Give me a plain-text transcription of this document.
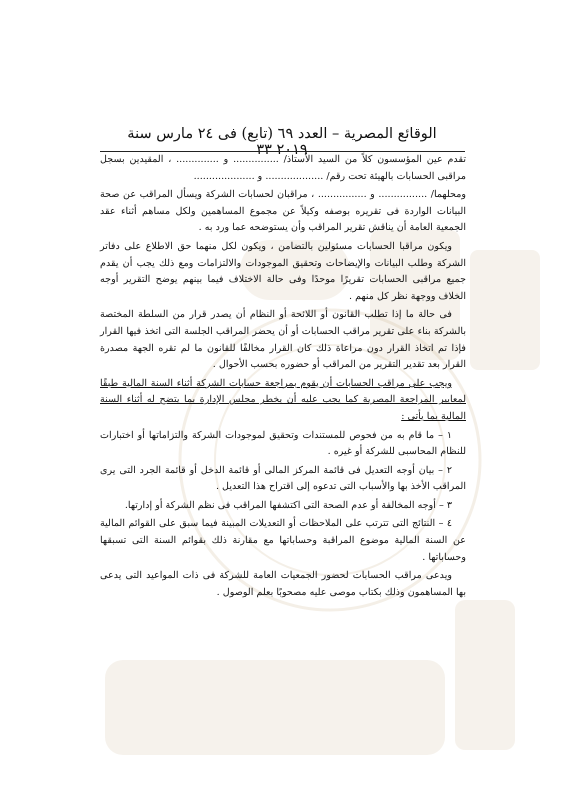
الوقائع المصرية – العدد ٦٩ (تابع) فى ٢٤ مارس سنة ٢٠١٩ ٣٣

تقدم عين المؤسسون كلاً من السيد الأستاذ/ ............... و .............. ، المقيدين بسجل مراقبى الحسابات بالهيئة تحت رقم/ ................... و ....................

ومحلهما/ ................ و ................ ، مراقبان لحسابات الشركة ويسأل المراقب عن صحة البيانات الواردة فى تقريره بوصفه وكيلاً عن مجموع المساهمين ولكل مساهم أثناء عقد الجمعية العامة أن يناقش تقرير المراقب وأن يستوضحه عما ورد به .

ويكون مراقبا الحسابات مسئولين بالتضامن ، ويكون لكل منهما حق الاطلاع على دفاتر الشركة وطلب البيانات والإيضاحات وتحقيق الموجودات والالتزامات ومع ذلك يجب أن يقدم جميع مراقبى الحسابات تقريرًا موحدًا وفى حالة الاختلاف فيما بينهم يوضح التقرير أوجه الخلاف ووجهة نظر كل منهم .

فى حالة ما إذا تطلب القانون أو اللائحة أو النظام أن يصدر قرار من السلطة المختصة بالشركة بناء على تقرير مراقب الحسابات أو أن يحضر المراقب الجلسة التى اتخذ فيها القرار فإذا تم اتخاذ القرار دون مراعاة ذلك كان القرار مخالفًا للقانون ما لم تقره الجهة مصدرة القرار بعد تقدير التقرير من المراقب أو حضوره بحسب الأحوال .

ويجب على مراقب الحسابات أن يقوم بمراجعة حسابات الشركة أثناء السنة المالية طبقًا لمعايير المراجعة المصرية كما يجب عليه أن يخطر مجلس الإدارة بما يتضح له أثناء السنة المالية بما يأتى :

١ – ما قام به من فحوص للمستندات وتحقيق لموجودات الشركة والتزاماتها أو اختبارات للنظام المحاسبى للشركة أو غيره .

٢ – بيان أوجه التعديل فى قائمة المركز المالى أو قائمة الدخل أو قائمة الجرد التى يرى المراقب الأخذ بها والأسباب التى تدعوه إلى اقتراح هذا التعديل .

٣ – أوجه المخالفة أو عدم الصحة التى اكتشفها المراقب فى نظم الشركة أو إدارتها.

٤ – النتائج التى تترتب على الملاحظات أو التعديلات المبينة فيما سبق على القوائم المالية عن السنة المالية موضوع المراقبة وحساباتها مع مقارنة ذلك بقوائم السنة التى تسبقها وحساباتها .

ويدعى مراقب الحسابات لحضور الجمعيات العامة للشركة فى ذات المواعيد التى يدعى بها المساهمون وذلك بكتاب موصى عليه مصحوبًا بعلم الوصول .
